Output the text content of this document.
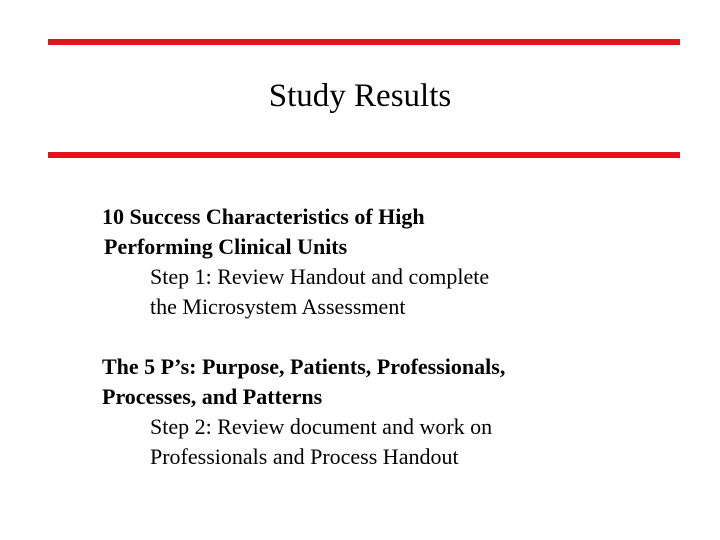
Study Results
10 Success Characteristics of High
Performing Clinical Units
Step 1: Review Handout and complete
the Microsystem Assessment
The 5 P’s: Purpose, Patients, Professionals,
Processes, and Patterns
Step 2: Review document and work on
Professionals and Process Handout
